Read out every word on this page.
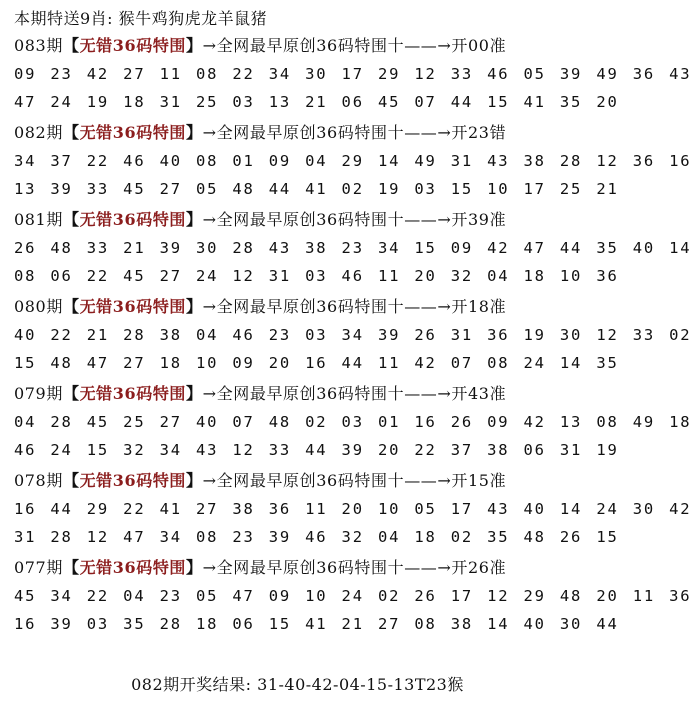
本期特送9肖: 猴牛鸡狗虎龙羊鼠猪
083期【无错36码特围】→全网最早原创36码特围十——→开00准
09 23 42 27 11 08 22 34 30 17 29 12 33 46 05 39 49 36 43
47 24 19 18 31 25 03 13 21 06 45 07 44 15 41 35 20
082期【无错36码特围】→全网最早原创36码特围十——→开23错
34 37 22 46 40 08 01 09 04 29 14 49 31 43 38 28 12 36 16
13 39 33 45 27 05 48 44 41 02 19 03 15 10 17 25 21
081期【无错36码特围】→全网最早原创36码特围十——→开39准
26 48 33 21 39 30 28 43 38 23 34 15 09 42 47 44 35 40 14
08 06 22 45 27 24 12 31 03 46 11 20 32 04 18 10 36
080期【无错36码特围】→全网最早原创36码特围十——→开18准
40 22 21 28 38 04 46 23 03 34 39 26 31 36 19 30 12 33 02
15 48 47 27 18 10 09 20 16 44 11 42 07 08 24 14 35
079期【无错36码特围】→全网最早原创36码特围十——→开43准
04 28 45 25 27 40 07 48 02 03 01 16 26 09 42 13 08 49 18
46 24 15 32 34 43 12 33 44 39 20 22 37 38 06 31 19
078期【无错36码特围】→全网最早原创36码特围十——→开15准
16 44 29 22 41 27 38 36 11 20 10 05 17 43 40 14 24 30 42
31 28 12 47 34 08 23 39 46 32 04 18 02 35 48 26 15
077期【无错36码特围】→全网最早原创36码特围十——→开26准
45 34 22 04 23 05 47 09 10 24 02 26 17 12 29 48 20 11 36
16 39 03 35 28 18 06 15 41 21 27 08 38 14 40 30 44
082期开奖结果: 31-40-42-04-15-13T23猴
